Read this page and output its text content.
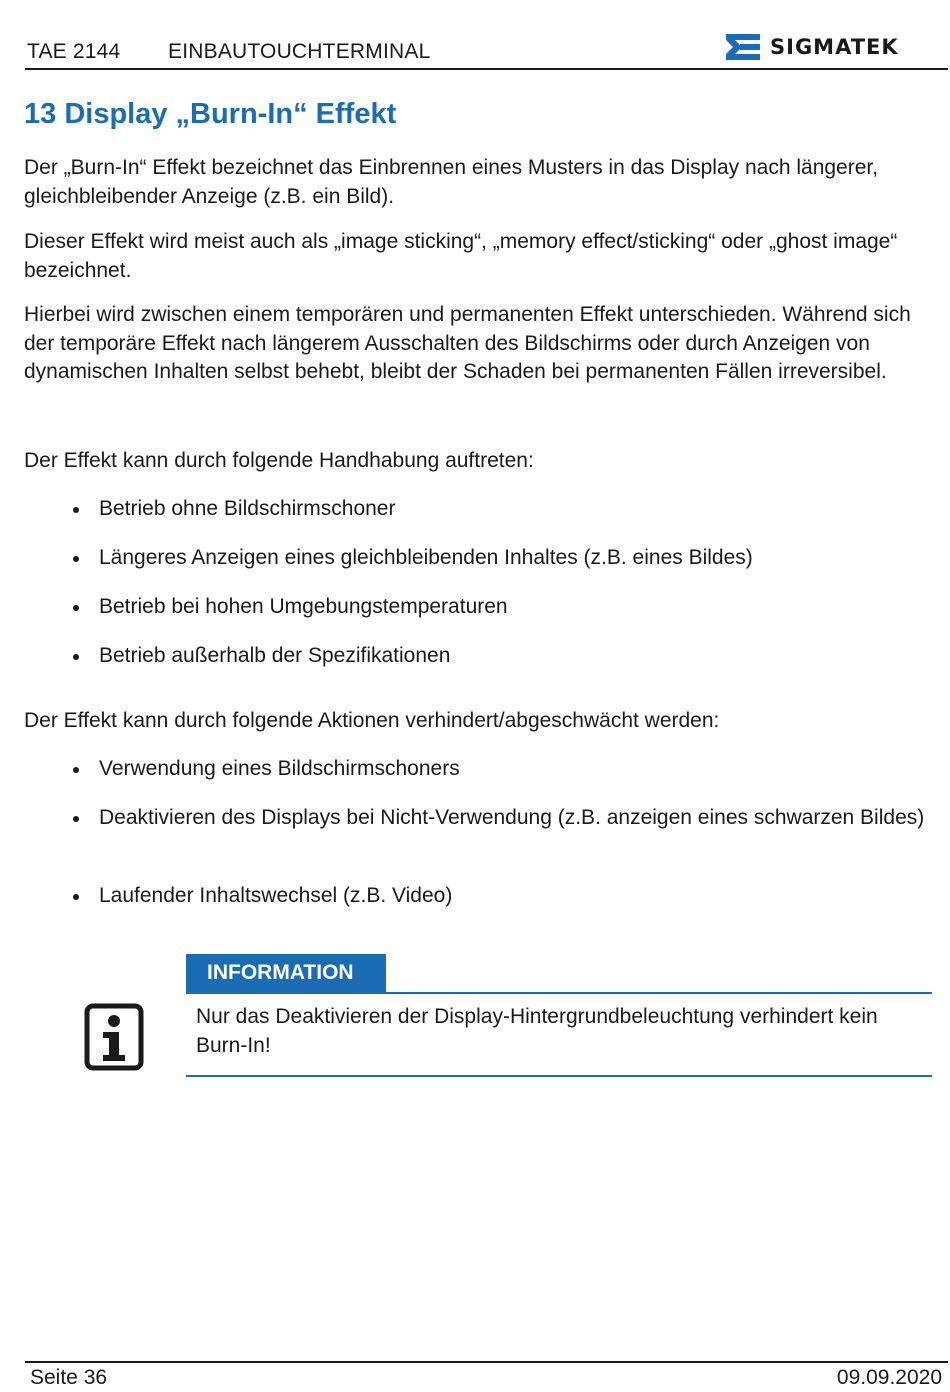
TAE 2144 EINBAUTOUCHTERMINAL	SIGMATEK
13 Display „Burn-In“ Effekt

Der „Burn-In“ Effekt bezeichnet das Einbrennen eines Musters in das Display nach längerer, gleichbleibender Anzeige (z.B. ein Bild).

Dieser Effekt wird meist auch als „image sticking“, „memory effect/sticking“ oder „ghost image“ bezeichnet.

Hierbei wird zwischen einem temporären und permanenten Effekt unterschieden. Während sich der temporäre Effekt nach längerem Ausschalten des Bildschirms oder durch Anzeigen von dynamischen Inhalten selbst behebt, bleibt der Schaden bei permanenten Fällen irreversibel.

Der Effekt kann durch folgende Handhabung auftreten:
Betrieb ohne Bildschirmschoner
Längeres Anzeigen eines gleichbleibenden Inhaltes (z.B. eines Bildes)
Betrieb bei hohen Umgebungstemperaturen
Betrieb außerhalb der Spezifikationen
Der Effekt kann durch folgende Aktionen verhindert/abgeschwächt werden:
Verwendung eines Bildschirmschoners
Deaktivieren des Displays bei Nicht-Verwendung (z.B. anzeigen eines schwarzen Bildes)
Laufender Inhaltswechsel (z.B. Video)
INFORMATION
Nur das Deaktivieren der Display-Hintergrundbeleuchtung verhindert kein Burn-In!
Seite 36	09.09.2020
